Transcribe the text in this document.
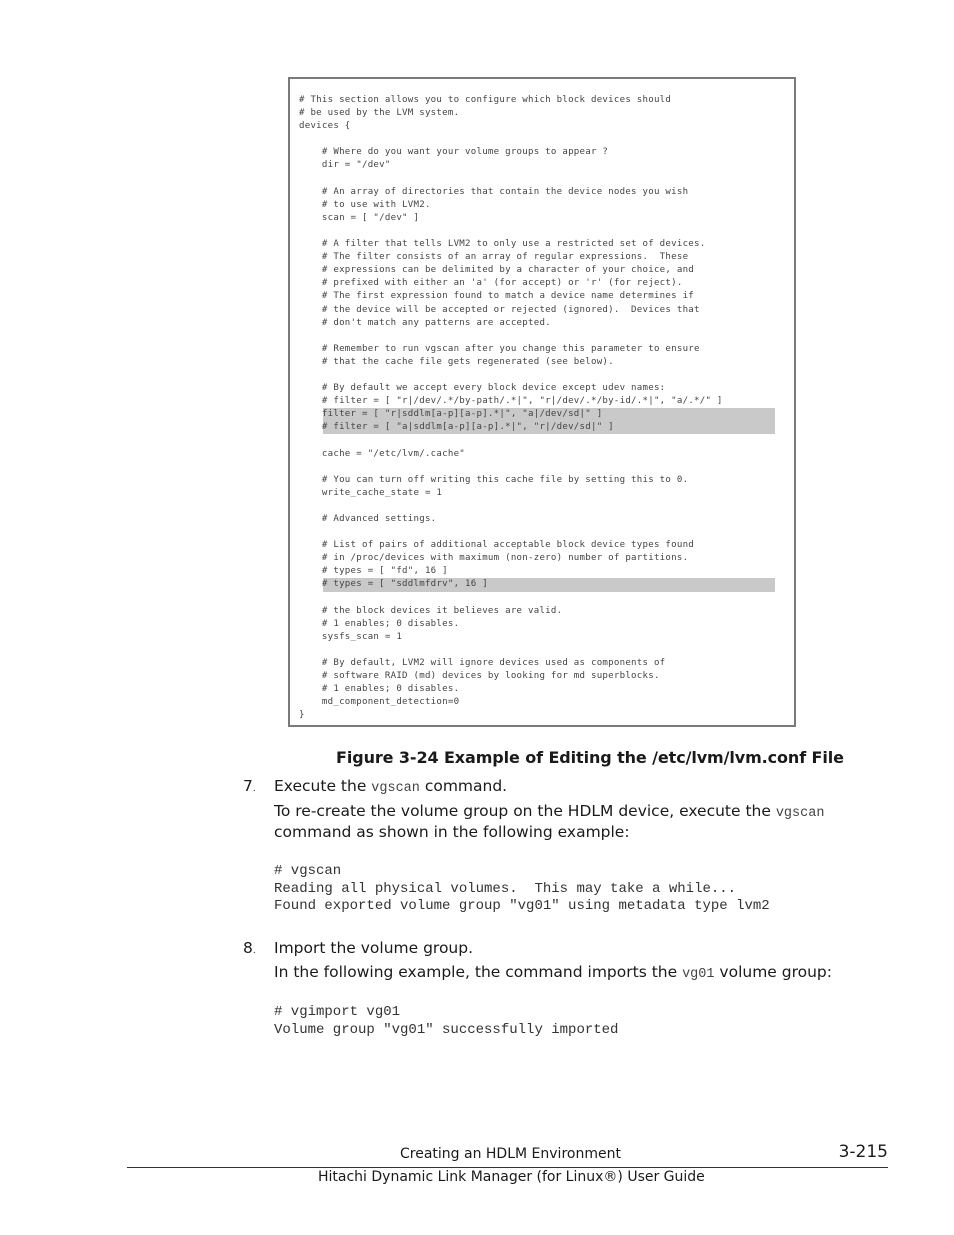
# This section allows you to configure which block devices should
# be used by the LVM system.
devices {
# Where do you want your volume groups to appear ?
dir = "/dev"
# An array of directories that contain the device nodes you wish
# to use with LVM2.
scan = [ "/dev" ]
# A filter that tells LVM2 to only use a restricted set of devices.
# The filter consists of an array of regular expressions.  These
# expressions can be delimited by a character of your choice, and
# prefixed with either an 'a' (for accept) or 'r' (for reject).
# The first expression found to match a device name determines if
# the device will be accepted or rejected (ignored).  Devices that
# don't match any patterns are accepted.
# Remember to run vgscan after you change this parameter to ensure
# that the cache file gets regenerated (see below).
# By default we accept every block device except udev names:
# filter = [ "r|/dev/.*/by-path/.*|", "r|/dev/.*/by-id/.*|", "a/.*/" ]
filter = [ "r|sddlm[a-p][a-p].*|", "a|/dev/sd|" ]
# filter = [ "a|sddlm[a-p][a-p].*|", "r|/dev/sd|" ]
cache = "/etc/lvm/.cache"
# You can turn off writing this cache file by setting this to 0.
write_cache_state = 1
# Advanced settings.
# List of pairs of additional acceptable block device types found
# in /proc/devices with maximum (non-zero) number of partitions.
# types = [ "fd", 16 ]
# types = [ "sddlmfdrv", 16 ]
# the block devices it believes are valid.
# 1 enables; 0 disables.
sysfs_scan = 1
# By default, LVM2 will ignore devices used as components of
# software RAID (md) devices by looking for md superblocks.
# 1 enables; 0 disables.
md_component_detection=0
}
Figure 3-24 Example of Editing the /etc/lvm/lvm.conf File
7. Execute the vgscan command.
To re-create the volume group on the HDLM device, execute the vgscan
command as shown in the following example:
# vgscan
Reading all physical volumes.  This may take a while...
Found exported volume group "vg01" using metadata type lvm2
8. Import the volume group.
In the following example, the command imports the vg01 volume group:
# vgimport vg01
Volume group "vg01" successfully imported
Creating an HDLM Environment	3-215
Hitachi Dynamic Link Manager (for Linux®) User Guide
